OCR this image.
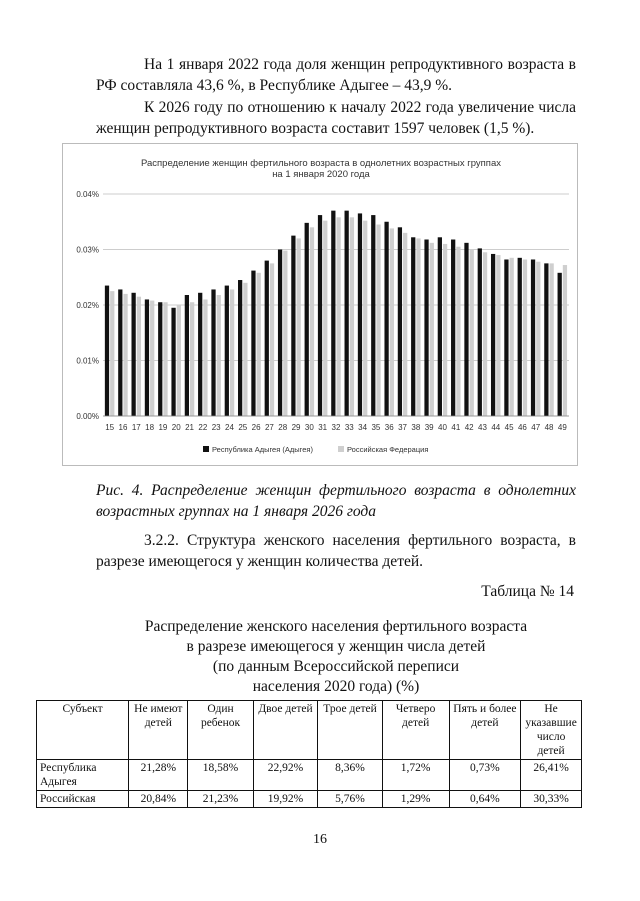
На 1 января 2022 года доля женщин репродуктивного возраста в РФ составляла 43,6 %, в Республике Адыгее – 43,9 %.

К 2026 году по отношению к началу 2022 года увеличение числа женщин репродуктивного возраста составит 1597 человек (1,5 %).

Распределение женщин фертильного возраста в однолетних возрастных группах
на 1 января 2020 года
0.00%
0.01%
0.02%
0.03%
0.04%
15 16 17 18 19 20 21 22 23 24 25 26 27 28 29 30 31 32 33 34 35 36 37 38 39 40 41 42 43 44 45 46 47 48 49
Республика Адыгея (Адыгея)	Российская Федерация
Рис. 4. Распределение женщин фертильного возраста в однолетних возрастных группах на 1 января 2026 года

3.2.2. Структура женского населения фертильного возраста, в разрезе имеющегося у женщин количества детей.

Таблица № 14
Распределение женского населения фертильного возраста
в разрезе имеющегося у женщин числа детей
(по данным Всероссийской переписи
населения 2020 года) (%)
Субъект	Не имеют детей	Один ребенок	Двое детей	Трое детей	Четверо детей	Пять и более детей	Не указавшие число детей
Республика Адыгея	21,28%	18,58%	22,92%	8,36%	1,72%	0,73%	26,41%
Российская	20,84%	21,23%	19,92%	5,76%	1,29%	0,64%	30,33%
16
